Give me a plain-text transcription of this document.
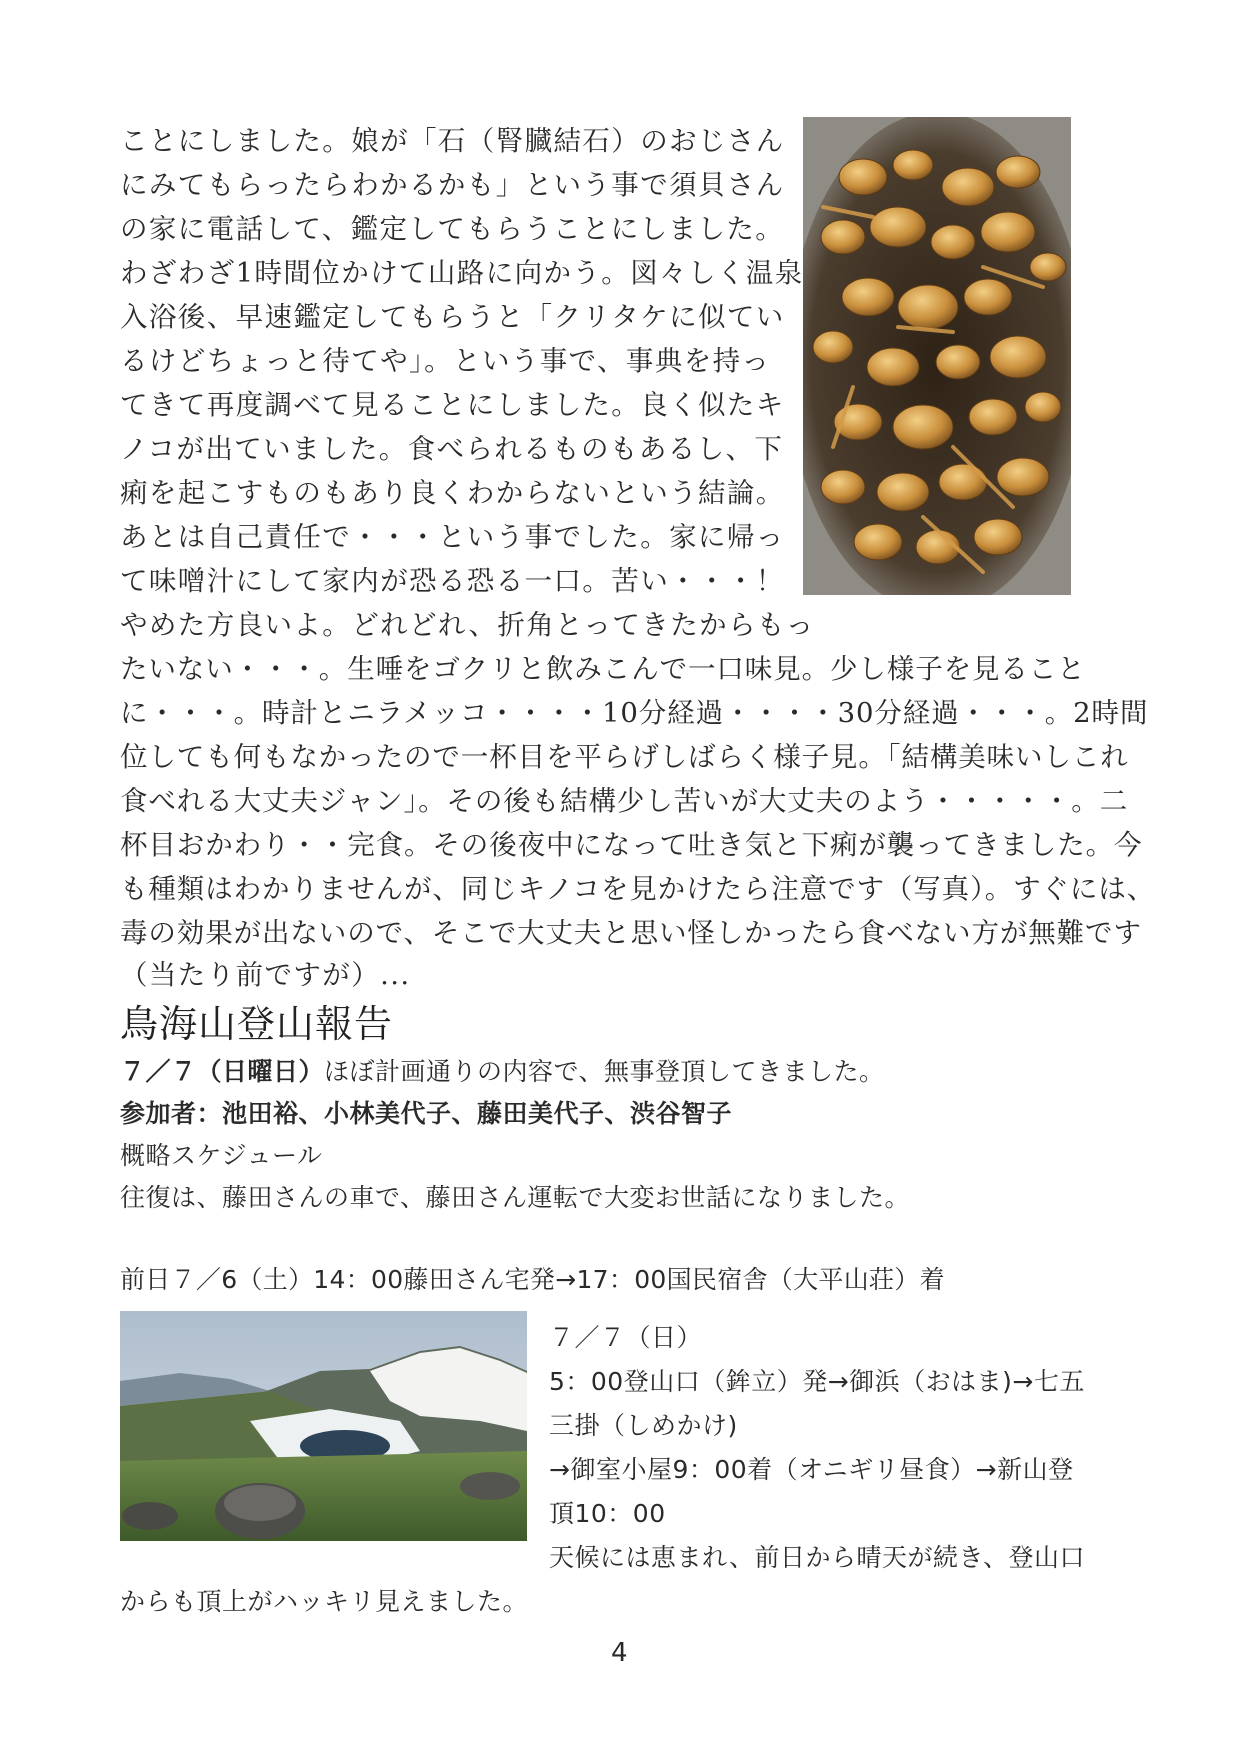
ことにしました。娘が「石（腎臓結石）のおじさん
にみてもらったらわかるかも」という事で須貝さん
の家に電話して、鑑定してもらうことにしました。
わざわざ1時間位かけて山路に向かう。図々しく温泉
入浴後、早速鑑定してもらうと「クリタケに似てい
るけどちょっと待てや」。という事で、事典を持っ
てきて再度調べて見ることにしました。良く似たキ
ノコが出ていました。食べられるものもあるし、下
痢を起こすものもあり良くわからないという結論。
あとは自己責任で・・・という事でした。家に帰っ
て味噌汁にして家内が恐る恐る一口。苦い・・・！
やめた方良いよ。どれどれ、折角とってきたからもっ
たいない・・・。生唾をゴクリと飲みこんで一口味見。少し様子を見ること
に・・・。時計とニラメッコ・・・・10分経過・・・・30分経過・・・。2時間
位しても何もなかったので一杯目を平らげしばらく様子見。「結構美味いしこれ
食べれる大丈夫ジャン」。その後も結構少し苦いが大丈夫のよう・・・・・。二
杯目おかわり・・完食。その後夜中になって吐き気と下痢が襲ってきました。今
も種類はわかりませんが、同じキノコを見かけたら注意です（写真）。すぐには、
毒の効果が出ないので、そこで大丈夫と思い怪しかったら食べない方が無難です
（当たり前ですが）...
鳥海山登山報告
７／７（日曜日）ほぼ計画通りの内容で、無事登頂してきました。
参加者：池田裕、小林美代子、藤田美代子、渋谷智子
概略スケジュール
往復は、藤田さんの車で、藤田さん運転で大変お世話になりました。
前日７／6（土）14：00藤田さん宅発→17：00国民宿舎（大平山荘）着
７／７（日）
5：00登山口（鉾立）発→御浜（おはま)→七五
三掛（しめかけ)
→御室小屋9：00着（オニギリ昼食）→新山登
頂10：00
天候には恵まれ、前日から晴天が続き、登山口
からも頂上がハッキリ見えました。
4
